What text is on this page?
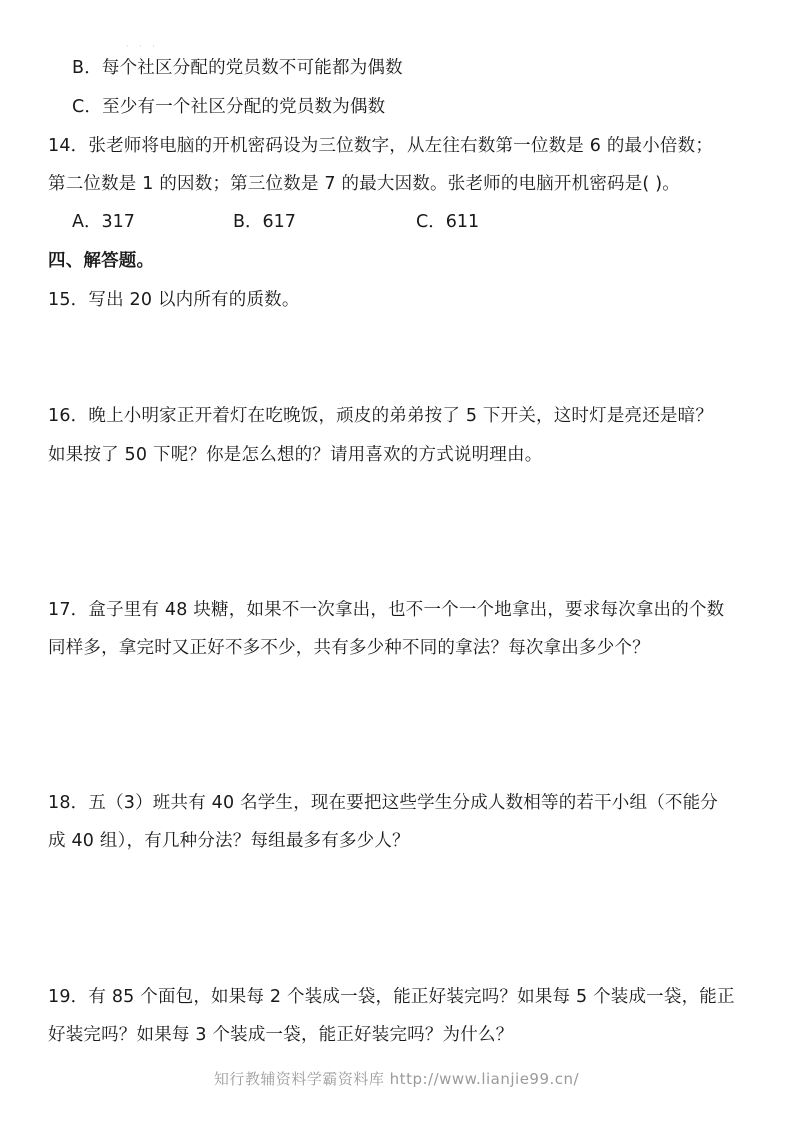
· · ·
B．每个社区分配的党员数不可能都为偶数
C．至少有一个社区分配的党员数为偶数
14．张老师将电脑的开机密码设为三位数字，从左往右数第一位数是 6 的最小倍数；
第二位数是 1 的因数；第三位数是 7 的最大因数。张老师的电脑开机密码是( )。
A．317	B．617	C．611
四、解答题。
15．写出 20 以内所有的质数。
16．晚上小明家正开着灯在吃晚饭，顽皮的弟弟按了 5 下开关，这时灯是亮还是暗？
如果按了 50 下呢？你是怎么想的？请用喜欢的方式说明理由。
17．盒子里有 48 块糖，如果不一次拿出，也不一个一个地拿出，要求每次拿出的个数
同样多，拿完时又正好不多不少，共有多少种不同的拿法？每次拿出多少个？
18．五（3）班共有 40 名学生，现在要把这些学生分成人数相等的若干小组（不能分
成 40 组），有几种分法？每组最多有多少人？
19．有 85 个面包，如果每 2 个装成一袋，能正好装完吗？如果每 5 个装成一袋，能正
好装完吗？如果每 3 个装成一袋，能正好装完吗？为什么？
知行教辅资料学霸资料库 http://www.lianjie99.cn/
